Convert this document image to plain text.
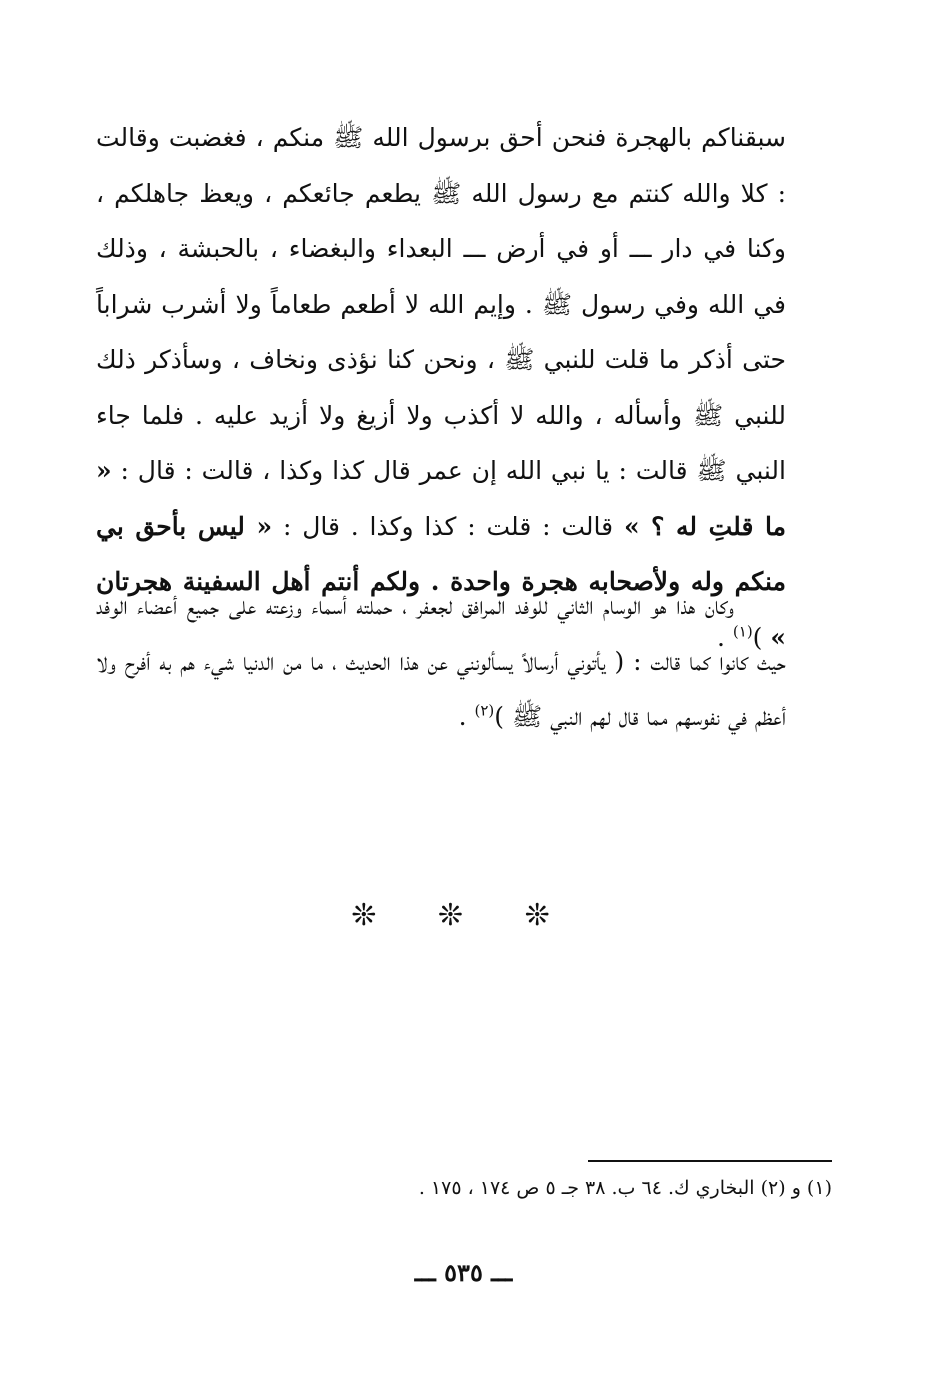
سبقناكم بالهجرة فنحن أحق برسول الله ﷺ منكم ، فغضبت وقالت : كلا والله كنتم مع رسول الله ﷺ يطعم جائعكم ، ويعظ جاهلكم ، وكنا في دار ـــ أو في أرض ـــ البعداء والبغضاء ، بالحبشة ، وذلك في الله وفي رسول ﷺ . وإيم الله لا أطعم طعاماً ولا أشرب شراباً حتى أذكر ما قلت للنبي ﷺ ، ونحن كنا نؤذى ونخاف ، وسأذكر ذلك للنبي ﷺ وأسأله ، والله لا أكذب ولا أزيغ ولا أزيد عليه . فلما جاء النبي ﷺ قالت : يا نبي الله إن عمر قال كذا وكذا ، قالت : قال : « ما قلتِ له ؟ » قالت : قلت : كذا وكذا . قال : « ليس بأحق بي منكم وله ولأصحابه هجرة واحدة . ولكم أنتم أهل السفينة هجرتان » )$^{(١)}$ .
وكان هذا هو الوسام الثاني للوفد المرافق لجعفر ، حملته أسماء وزعته على جميع أعضاء الوفد حيث كانوا كما قالت : ( يأتوني أرسالاً يسألونني عن هذا الحديث ، ما من الدنيا شيء هم به أفرح ولا أعظم في نفوسهم مما قال لهم النبي ﷺ )$^{(٢)}$ .
❊ ❊ ❊
(١) و (٢) البخاري ك. ٦٤ ب. ٣٨ جـ ٥ ص ١٧٤ ، ١٧٥ .
ـــ ٥٣٥ ـــ
